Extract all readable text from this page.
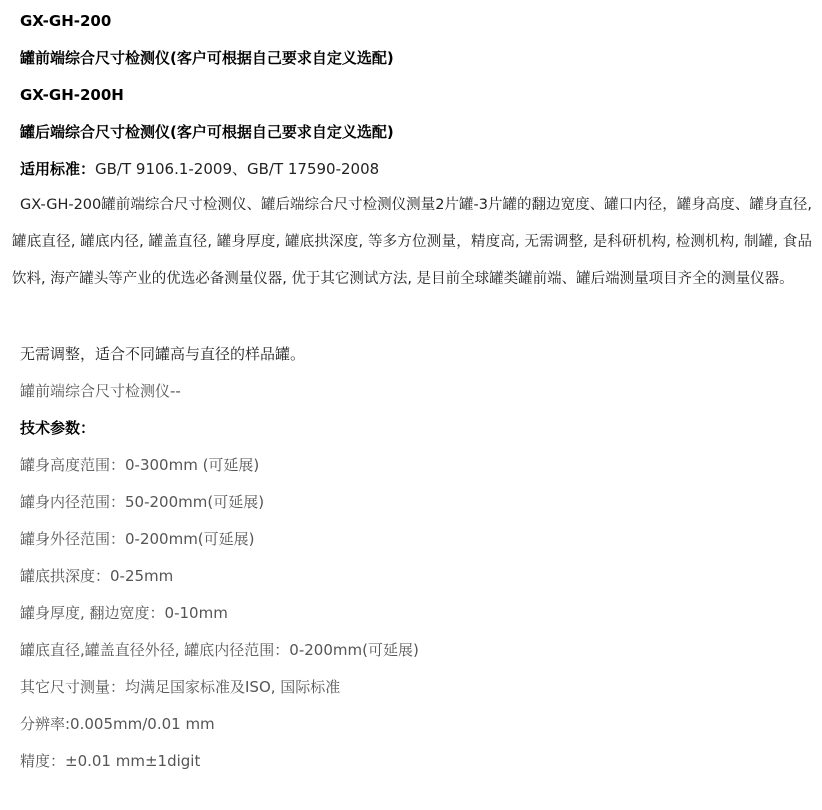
GX-GH-200
罐前端综合尺寸检测仪(客户可根据自己要求自定义选配)
GX-GH-200H
罐后端综合尺寸检测仪(客户可根据自己要求自定义选配)
适用标准：GB/T 9106.1-2009、GB/T 17590-2008
GX-GH-200罐前端综合尺寸检测仪、罐后端综合尺寸检测仪测量2片罐-3片罐的翻边宽度、罐口内径，罐身高度、罐身直径, 罐底直径, 罐底内径, 罐盖直径, 罐身厚度, 罐底拱深度, 等多方位测量，精度高, 无需调整, 是科研机构, 检测机构, 制罐, 食品饮料, 海产罐头等产业的优选必备测量仪器, 优于其它测试方法, 是目前全球罐类罐前端、罐后端测量项目齐全的测量仪器。
无需调整，适合不同罐高与直径的样品罐。
罐前端综合尺寸检测仪--
技术参数：
罐身高度范围：0-300mm (可延展)
罐身内径范围：50-200mm(可延展)
罐身外径范围：0-200mm(可延展)
罐底拱深度：0-25mm
罐身厚度, 翻边宽度：0-10mm
罐底直径,罐盖直径外径, 罐底内径范围：0-200mm(可延展)
其它尺寸测量：均满足国家标准及ISO, 国际标准
分辨率:0.005mm/0.01 mm
精度：±0.01 mm±1digit
